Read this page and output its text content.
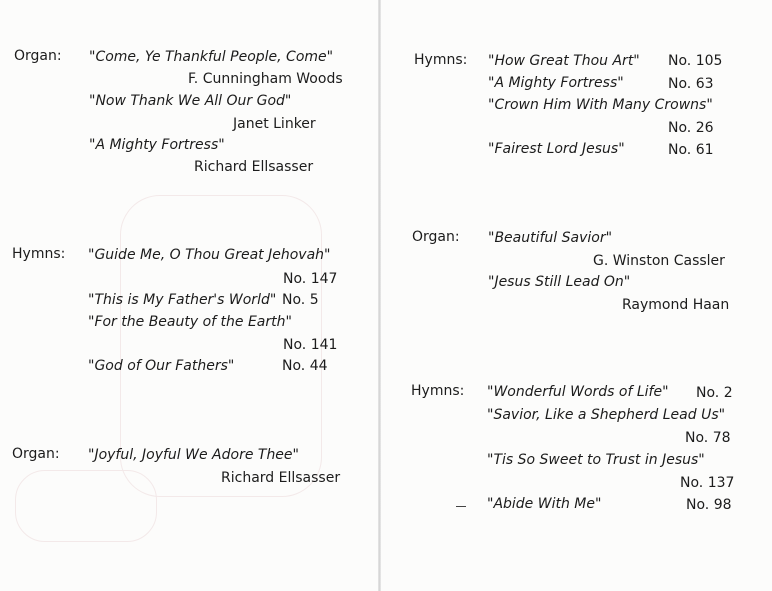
Organ: "Come, Ye Thankful People, Come"
F. Cunningham Woods
"Now Thank We All Our God"
Janet Linker
"A Mighty Fortress"
Richard Ellsasser
Hymns: "Guide Me, O Thou Great Jehovah"
No. 147
"This is My Father's World" No. 5
"For the Beauty of the Earth"
No. 141
"God of Our Fathers"	No. 44
Organ: "Joyful, Joyful We Adore Thee"
Richard Ellsasser
Hymns: "How Great Thou Art" No. 105
"A Mighty Fortress"	No. 63
"Crown Him With Many Crowns"
No. 26
"Fairest Lord Jesus"	No. 61
Organ: "Beautiful Savior"
G. Winston Cassler
"Jesus Still Lead On"
Raymond Haan
Hymns: "Wonderful Words of Life" No. 2
"Savior, Like a Shepherd Lead Us"
No. 78
"Tis So Sweet to Trust in Jesus"
No. 137
"Abide With Me"	No. 98
